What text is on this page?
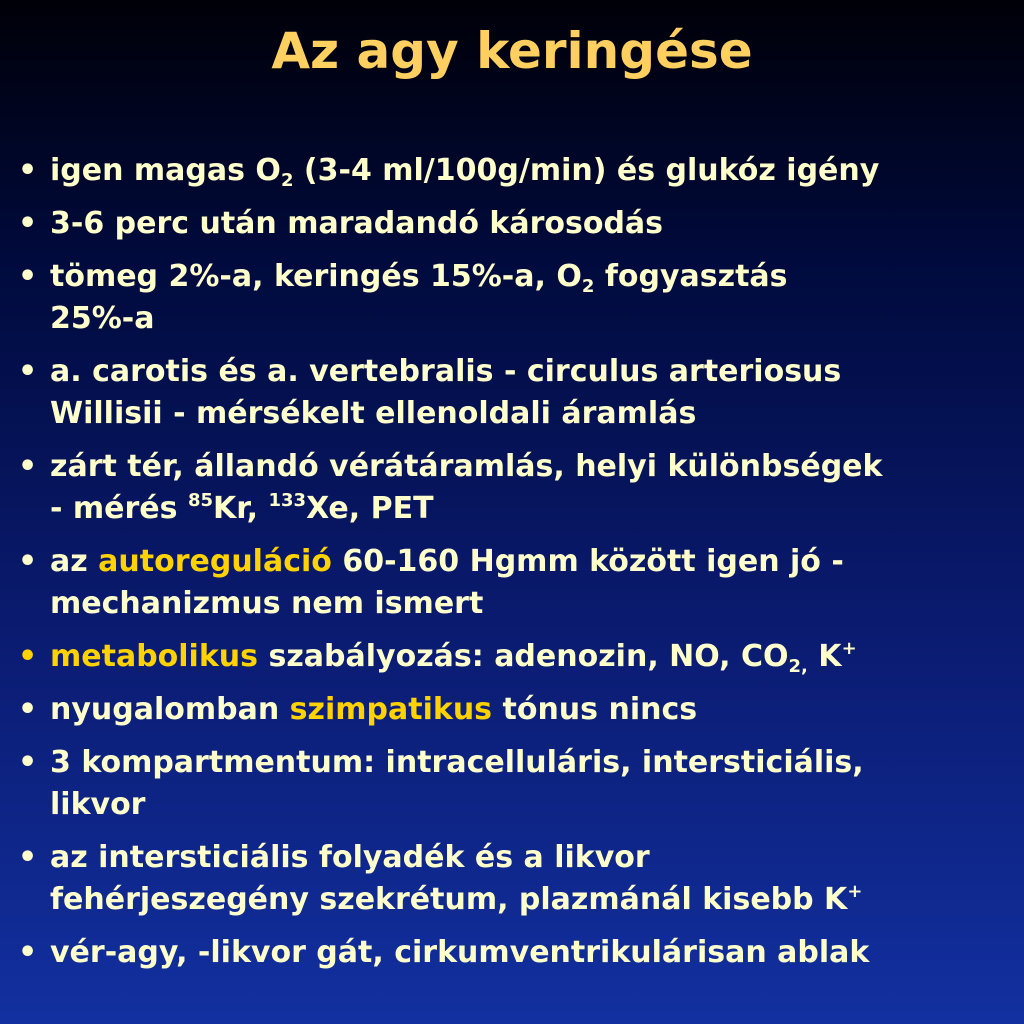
Az agy keringése
• igen magas $O_2$ (3-4 ml/100g/min) és glukóz igény
• 3-6 perc után maradandó károsodás
• tömeg 2%-a, keringés 15%-a, $O_2$ fogyasztás
25%-a
• a. carotis és a. vertebralis - circulus arteriosus
Willisii - mérsékelt ellenoldali áramlás
• zárt tér, állandó vérátáramlás, helyi különbségek
- mérés $^{85}$Kr, $^{133}$Xe, PET
• az autoreguláció 60-160 Hgmm között igen jó -
mechanizmus nem ismert
• metabolikus szabályozás: adenozin, NO, $CO_{2,}$ K+
• nyugalomban szimpatikus tónus nincs
• 3 kompartmentum: intracelluláris, intersticiális,
likvor
• az intersticiális folyadék és a likvor
fehérjeszegény szekrétum, plazmánál kisebb K+
• vér-agy, -likvor gát, cirkumventrikulárisan ablak
